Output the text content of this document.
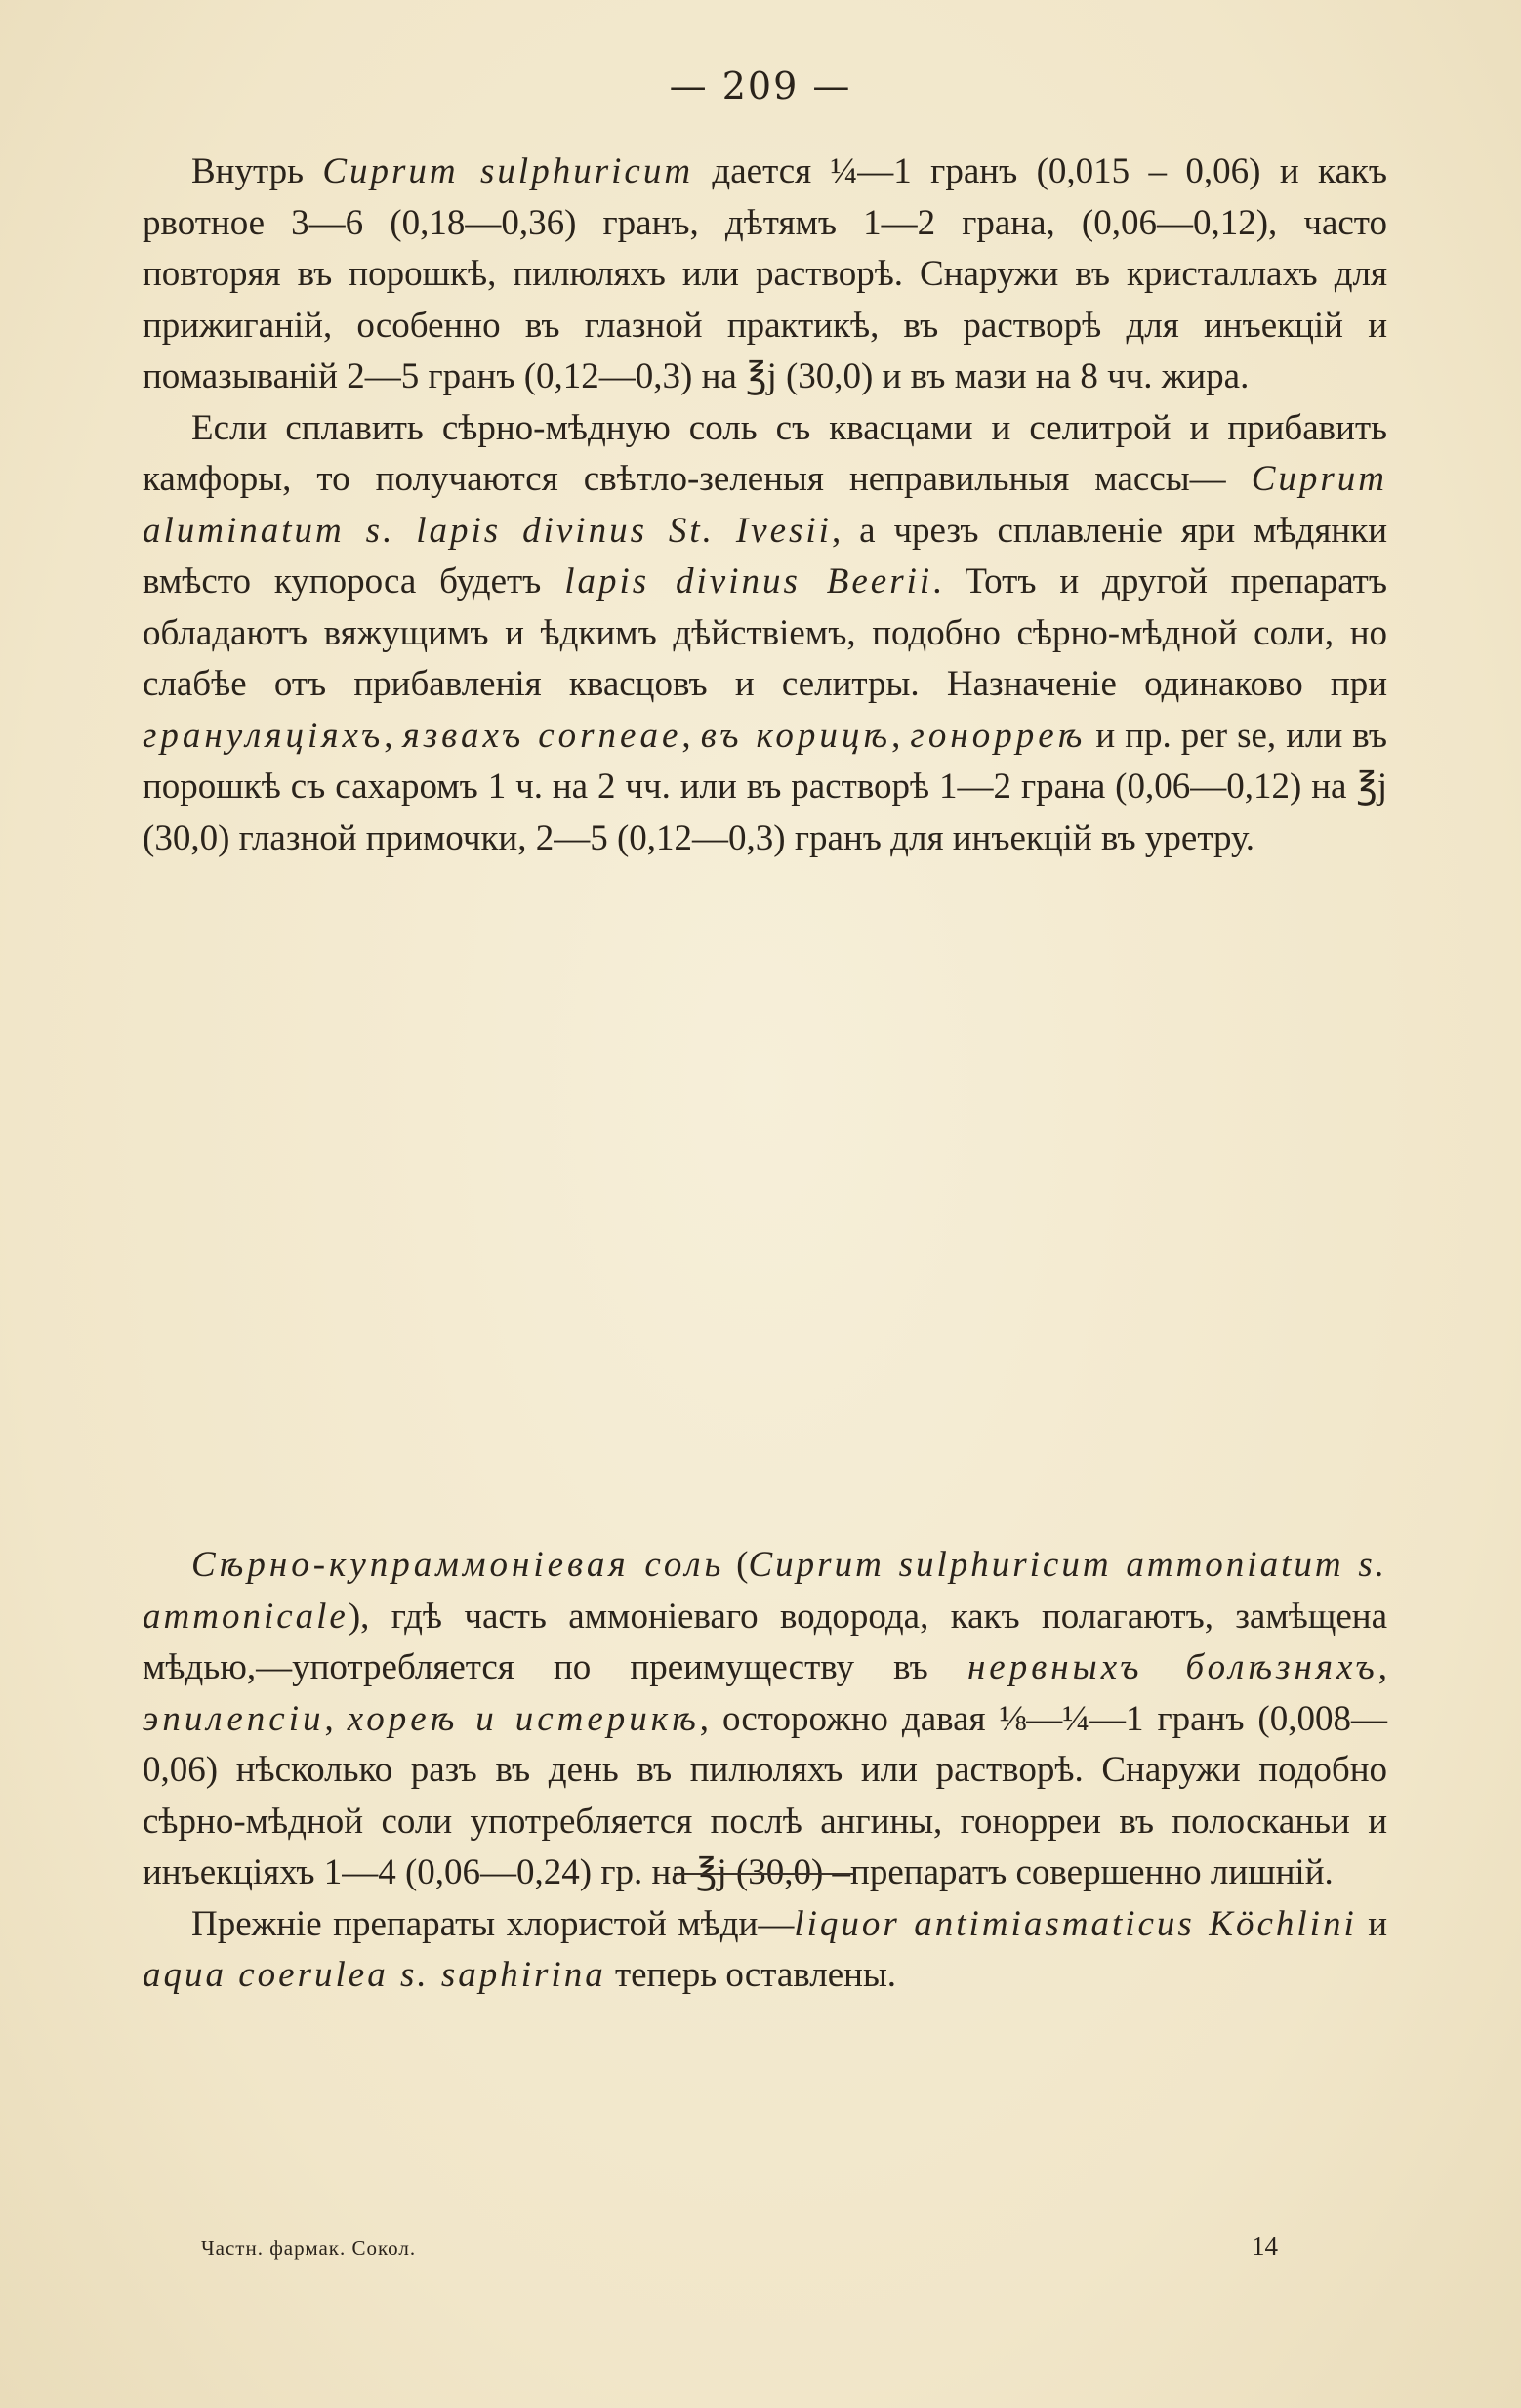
— 209 —

Внутрь Cuprum sulphuricum дается ¼—1 гранъ (0,015 – 0,06) и какъ рвотное 3—6 (0,18—0,36) гранъ, дѣтямъ 1—2 грана, (0,06—0,12), часто повторяя въ порошкѣ, пилюляхъ или растворѣ. Снаружи въ кристаллахъ для прижиганій, особенно въ глазной практикѣ, въ растворѣ для инъекцій и помазываній 2—5 гранъ (0,12—0,3) на ℥j (30,0) и въ мази на 8 чч. жира.

Если сплавить сѣрно-мѣдную соль съ квасцами и селитрой и прибавить камфоры, то получаются свѣтло-зеленыя неправильныя массы— Cuprum aluminatum s. lapis divinus St. Ivesii, а чрезъ сплавленіе яри мѣдянки вмѣсто купороса будетъ lapis divinus Beerii. Тотъ и другой препаратъ обладаютъ вяжущимъ и ѣдкимъ дѣйствіемъ, подобно сѣрно-мѣдной соли, но слабѣе отъ прибавленія квасцовъ и селитры. Назначеніе одинаково при грануляціяхъ, язвахъ corneae, въ корицѣ, гонорреѣ и пр. per se, или въ порошкѣ съ сахаромъ 1 ч. на 2 чч. или въ растворѣ 1—2 грана (0,06—0,12) на ℥j (30,0) глазной примочки, 2—5 (0,12—0,3) гранъ для инъекцій въ уретру.

Сѣрно-купраммоніевая соль (Cuprum sulphuricum ammoniatum s. ammonicale), гдѣ часть аммоніеваго водорода, какъ полагаютъ, замѣщена мѣдью,—употребляется по преимуществу въ нервныхъ болѣзняхъ, эпилепсіи, хореѣ и истерикѣ, осторожно давая ⅛—¼—1 гранъ (0,008—0,06) нѣсколько разъ въ день въ пилюляхъ или растворѣ. Снаружи подобно сѣрно-мѣдной соли употребляется послѣ ангины, гонорреи въ полосканьи и инъекціяхъ 1—4 (0,06—0,24) гр. на ℥j (30,0) –препаратъ совершенно лишній.

Прежніе препараты хлористой мѣди—liquor antimiasmaticus Köchlini и aqua coerulea s. saphirina теперь оставлены.

Частн. фармак. Сокол.	14
